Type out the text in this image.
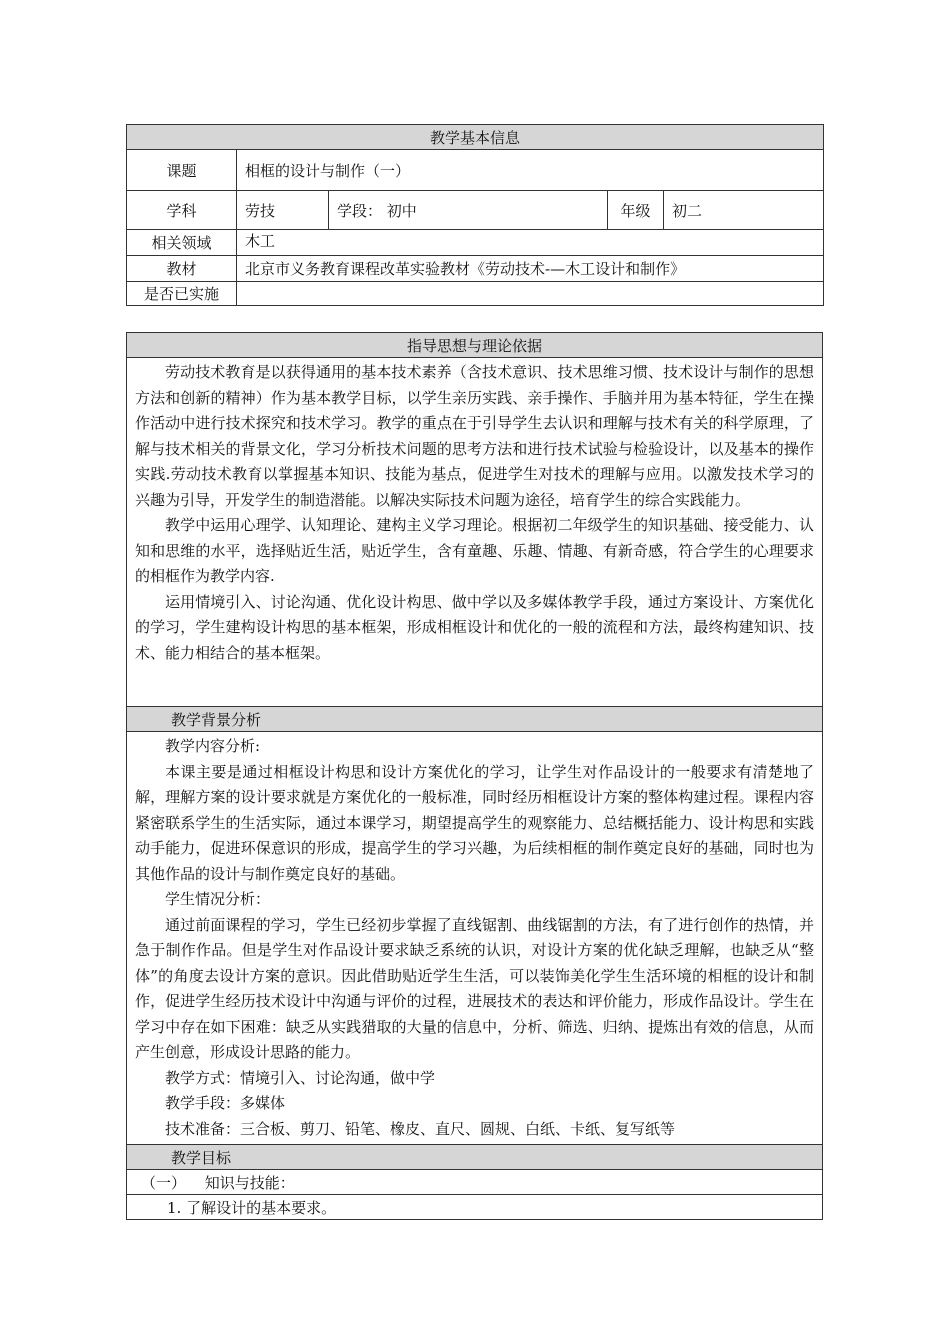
教学基本信息				
课题	相框的设计与制作（一）			
学科	劳技	学段： 初中	年级	初二
相关领域	木工			
教材	北京市义务教育课程改革实验教材《劳动技术-—木工设计和制作》			
是否已实施				
指导思想与理论依据

劳动技术教育是以获得通用的基本技术素养（含技术意识、技术思维习惯、技术设计与制作的思想方法和创新的精神）作为基本教学目标，以学生亲历实践、亲手操作、手脑并用为基本特征，学生在操作活动中进行技术探究和技术学习。教学的重点在于引导学生去认识和理解与技术有关的科学原理，了解与技术相关的背景文化，学习分析技术问题的思考方法和进行技术试验与检验设计，以及基本的操作实践.劳动技术教育以掌握基本知识、技能为基点，促进学生对技术的理解与应用。以激发技术学习的兴趣为引导，开发学生的制造潜能。以解决实际技术问题为途径，培育学生的综合实践能力。

教学中运用心理学、认知理论、建构主义学习理论。根据初二年级学生的知识基础、接受能力、认知和思维的水平，选择贴近生活，贴近学生，含有童趣、乐趣、情趣、有新奇感，符合学生的心理要求的相框作为教学内容.

运用情境引入、讨论沟通、优化设计构思、做中学以及多媒体教学手段，通过方案设计、方案优化的学习，学生建构设计构思的基本框架，形成相框设计和优化的一般的流程和方法，最终构建知识、技术、能力相结合的基本框架。

教学背景分析

教学内容分析:

本课主要是通过相框设计构思和设计方案优化的学习，让学生对作品设计的一般要求有清楚地了解，理解方案的设计要求就是方案优化的一般标准，同时经历相框设计方案的整体构建过程。课程内容紧密联系学生的生活实际，通过本课学习，期望提高学生的观察能力、总结概括能力、设计构思和实践动手能力，促进环保意识的形成，提高学生的学习兴趣，为后续相框的制作奠定良好的基础，同时也为其他作品的设计与制作奠定良好的基础。

学生情况分析：

通过前面课程的学习，学生已经初步掌握了直线锯割、曲线锯割的方法，有了进行创作的热情，并急于制作作品。但是学生对作品设计要求缺乏系统的认识，对设计方案的优化缺乏理解，也缺乏从“整体”的角度去设计方案的意识。因此借助贴近学生生活，可以装饰美化学生生活环境的相框的设计和制作，促进学生经历技术设计中沟通与评价的过程，进展技术的表达和评价能力，形成作品设计。学生在学习中存在如下困难：缺乏从实践猎取的大量的信息中，分析、筛选、归纳、提炼出有效的信息，从而产生创意，形成设计思路的能力。

教学方式：情境引入、讨论沟通，做中学

教学手段：多媒体

技术准备：三合板、剪刀、铅笔、橡皮、直尺、圆规、白纸、卡纸、复写纸等

教学目标
（一） 知识与技能：
1. 了解设计的基本要求。
